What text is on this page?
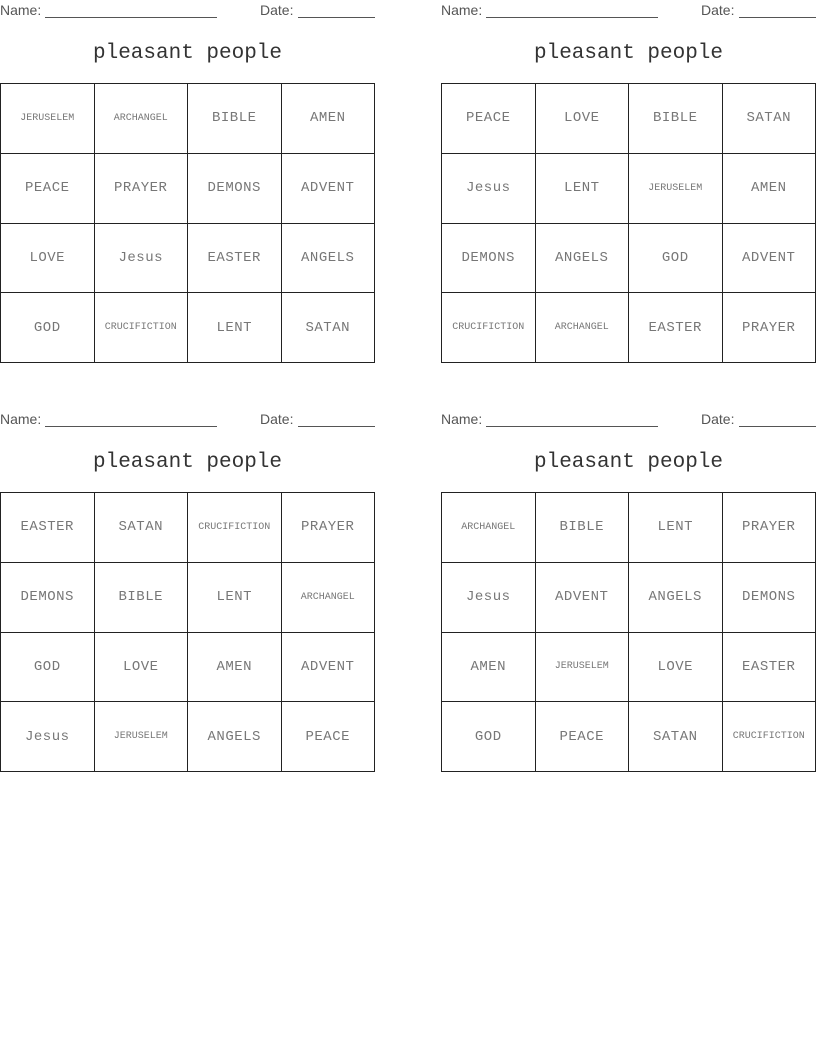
Name:	Date:
pleasant people
JERUSELEM	ARCHANGEL	BIBLE	AMEN
PEACE	PRAYER	DEMONS	ADVENT
LOVE	Jesus	EASTER	ANGELS
GOD	CRUCIFICTION	LENT	SATAN
Name:	Date:
pleasant people
PEACE	LOVE	BIBLE	SATAN
Jesus	LENT	JERUSELEM	AMEN
DEMONS	ANGELS	GOD	ADVENT
CRUCIFICTION	ARCHANGEL	EASTER	PRAYER
Name:	Date:
pleasant people
EASTER	SATAN	CRUCIFICTION	PRAYER
DEMONS	BIBLE	LENT	ARCHANGEL
GOD	LOVE	AMEN	ADVENT
Jesus	JERUSELEM	ANGELS	PEACE
Name:	Date:
pleasant people
ARCHANGEL	BIBLE	LENT	PRAYER
Jesus	ADVENT	ANGELS	DEMONS
AMEN	JERUSELEM	LOVE	EASTER
GOD	PEACE	SATAN	CRUCIFICTION
